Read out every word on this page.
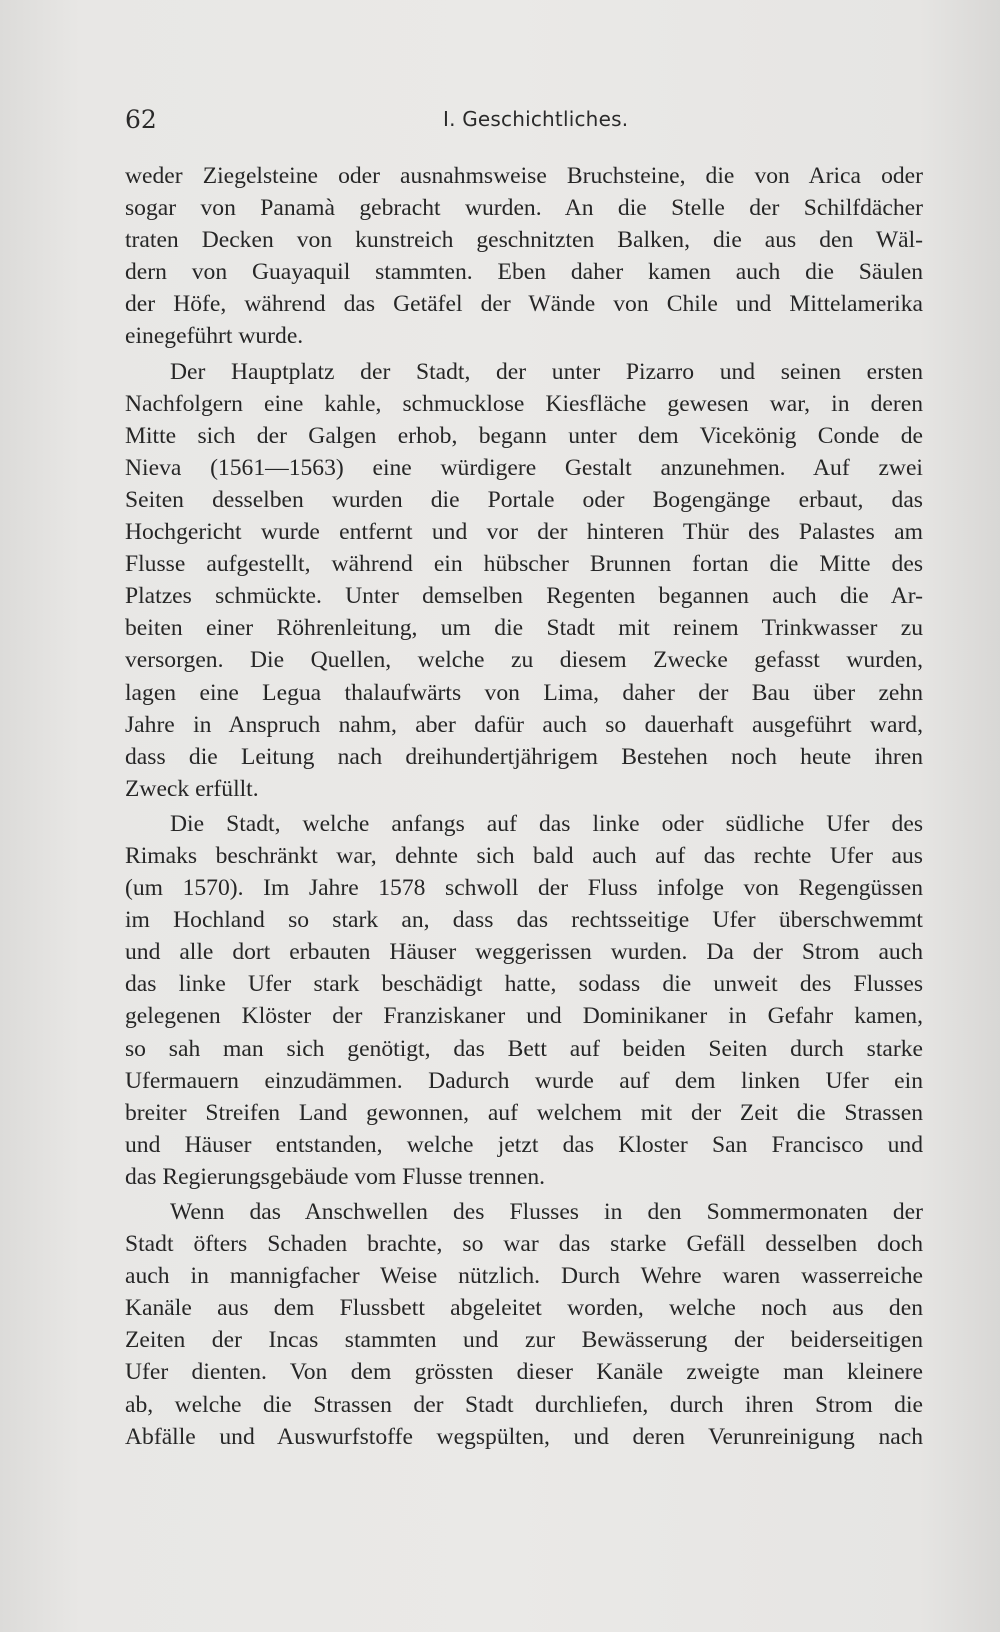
62	I. Geschichtliches.
weder Ziegelsteine oder ausnahmsweise Bruchsteine, die von Arica oder
sogar von Panamà gebracht wurden. An die Stelle der Schilfdächer
traten Decken von kunstreich geschnitzten Balken, die aus den Wäl-
dern von Guayaquil stammten. Eben daher kamen auch die Säulen
der Höfe, während das Getäfel der Wände von Chile und Mittelamerika
einegeführt wurde.
Der Hauptplatz der Stadt, der unter Pizarro und seinen ersten
Nachfolgern eine kahle, schmucklose Kiesfläche gewesen war, in deren
Mitte sich der Galgen erhob, begann unter dem Vicekönig Conde de
Nieva (1561—1563) eine würdigere Gestalt anzunehmen. Auf zwei
Seiten desselben wurden die Portale oder Bogengänge erbaut, das
Hochgericht wurde entfernt und vor der hinteren Thür des Palastes am
Flusse aufgestellt, während ein hübscher Brunnen fortan die Mitte des
Platzes schmückte. Unter demselben Regenten begannen auch die Ar-
beiten einer Röhrenleitung, um die Stadt mit reinem Trinkwasser zu
versorgen. Die Quellen, welche zu diesem Zwecke gefasst wurden,
lagen eine Legua thalaufwärts von Lima, daher der Bau über zehn
Jahre in Anspruch nahm, aber dafür auch so dauerhaft ausgeführt ward,
dass die Leitung nach dreihundertjährigem Bestehen noch heute ihren
Zweck erfüllt.
Die Stadt, welche anfangs auf das linke oder südliche Ufer des
Rimaks beschränkt war, dehnte sich bald auch auf das rechte Ufer aus
(um 1570). Im Jahre 1578 schwoll der Fluss infolge von Regengüssen
im Hochland so stark an, dass das rechtsseitige Ufer überschwemmt
und alle dort erbauten Häuser weggerissen wurden. Da der Strom auch
das linke Ufer stark beschädigt hatte, sodass die unweit des Flusses
gelegenen Klöster der Franziskaner und Dominikaner in Gefahr kamen,
so sah man sich genötigt, das Bett auf beiden Seiten durch starke
Ufermauern einzudämmen. Dadurch wurde auf dem linken Ufer ein
breiter Streifen Land gewonnen, auf welchem mit der Zeit die Strassen
und Häuser entstanden, welche jetzt das Kloster San Francisco und
das Regierungsgebäude vom Flusse trennen.
Wenn das Anschwellen des Flusses in den Sommermonaten der
Stadt öfters Schaden brachte, so war das starke Gefäll desselben doch
auch in mannigfacher Weise nützlich. Durch Wehre waren wasserreiche
Kanäle aus dem Flussbett abgeleitet worden, welche noch aus den
Zeiten der Incas stammten und zur Bewässerung der beiderseitigen
Ufer dienten. Von dem grössten dieser Kanäle zweigte man kleinere
ab, welche die Strassen der Stadt durchliefen, durch ihren Strom die
Abfälle und Auswurfstoffe wegspülten, und deren Verunreinigung nach
